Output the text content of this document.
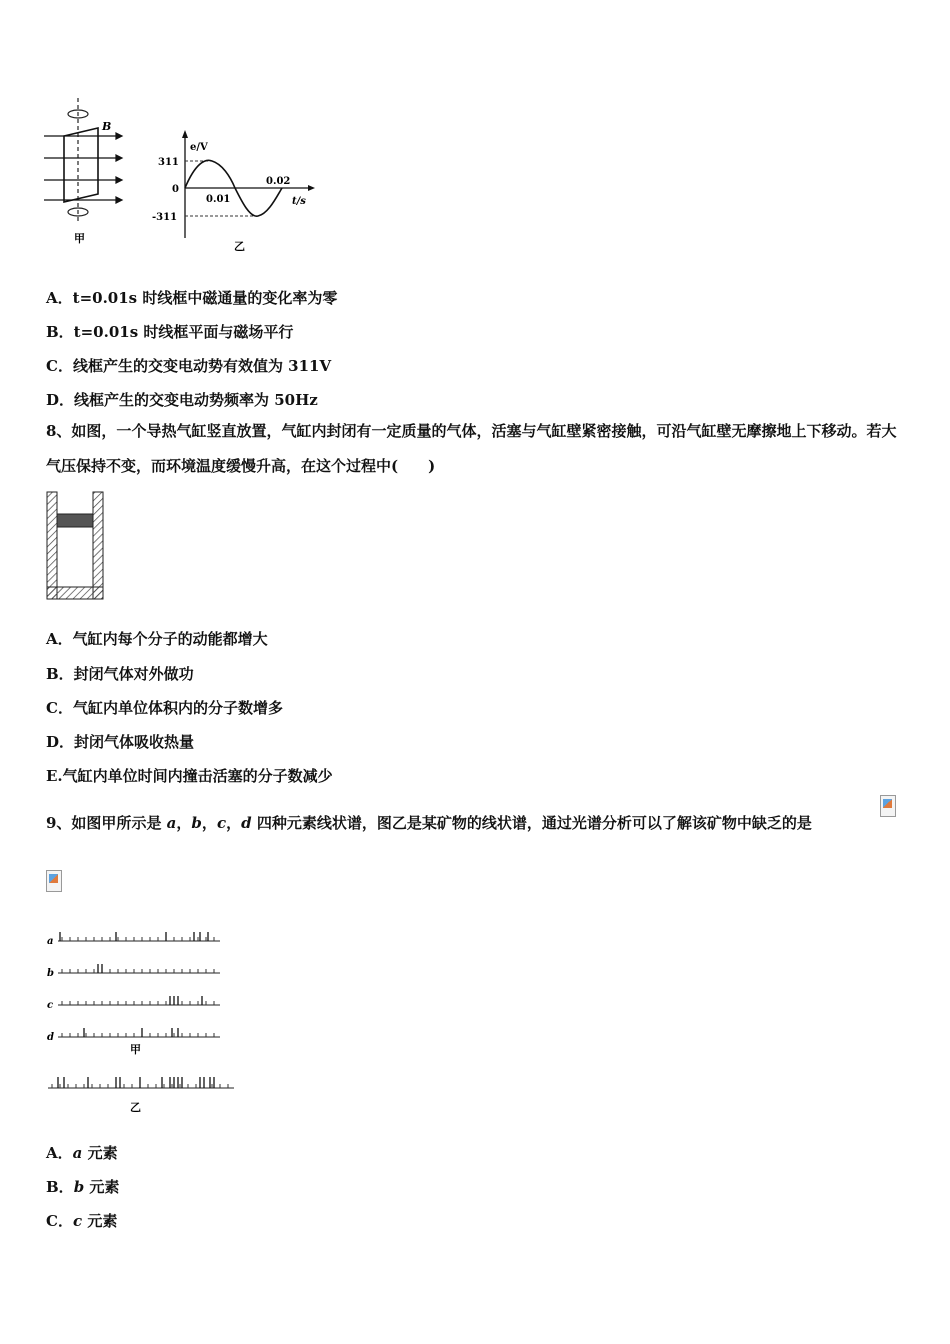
B
甲
e/V
311
0
-311
0.01
0.02
t/s
乙
A．t=0.01s 时线框中磁通量的变化率为零
B．t=0.01s 时线框平面与磁场平行
C．线框产生的交变电动势有效值为 311V
D．线框产生的交变电动势频率为 50Hz
8、如图，一个导热气缸竖直放置，气缸内封闭有一定质量的气体，活塞与气缸壁紧密接触，可沿气缸壁无摩擦地上下移动。若大气压保持不变，而环境温度缓慢升高，在这个过程中(　　)
A．气缸内每个分子的动能都增大
B．封闭气体对外做功
C．气缸内单位体积内的分子数增多
D．封闭气体吸收热量
E.气缸内单位时间内撞击活塞的分子数减少
9、如图甲所示是 a，b，c，d 四种元素线状谱，图乙是某矿物的线状谱，通过光谱分析可以了解该矿物中缺乏的是
a
b
c
d
甲
乙
A．a 元素
B．b 元素
C．c 元素
